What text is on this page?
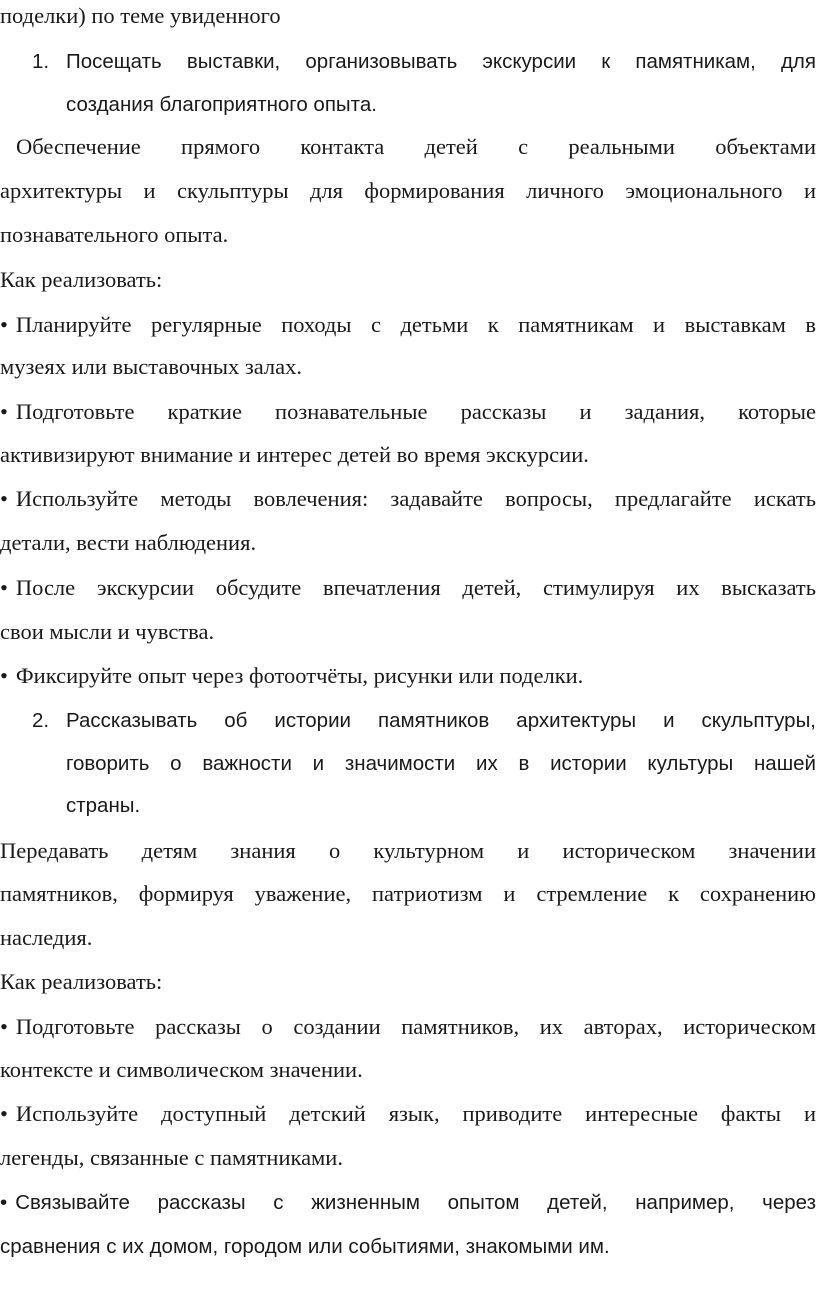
поделки) по теме увиденного
1. Посещать выставки, организовывать экскурсии к памятникам, для
создания благоприятного опыта.
Обеспечение прямого контакта детей с реальными объектами
архитектуры и скульптуры для формирования личного эмоционального и
познавательного опыта.
Как реализовать:
• Планируйте регулярные походы с детьми к памятникам и выставкам в
музеях или выставочных залах.
• Подготовьте краткие познавательные рассказы и задания, которые
активизируют внимание и интерес детей во время экскурсии.
• Используйте методы вовлечения: задавайте вопросы, предлагайте искать
детали, вести наблюдения.
• После экскурсии обсудите впечатления детей, стимулируя их высказать
свои мысли и чувства.
• Фиксируйте опыт через фотоотчёты, рисунки или поделки.
2. Рассказывать об истории памятников архитектуры и скульптуры,
говорить о важности и значимости их в истории культуры нашей
страны.
Передавать детям знания о культурном и историческом значении
памятников, формируя уважение, патриотизм и стремление к сохранению
наследия.
Как реализовать:
• Подготовьте рассказы о создании памятников, их авторах, историческом
контексте и символическом значении.
• Используйте доступный детский язык, приводите интересные факты и
легенды, связанные с памятниками.
• Связывайте рассказы с жизненным опытом детей, например, через
сравнения с их домом, городом или событиями, знакомыми им.
